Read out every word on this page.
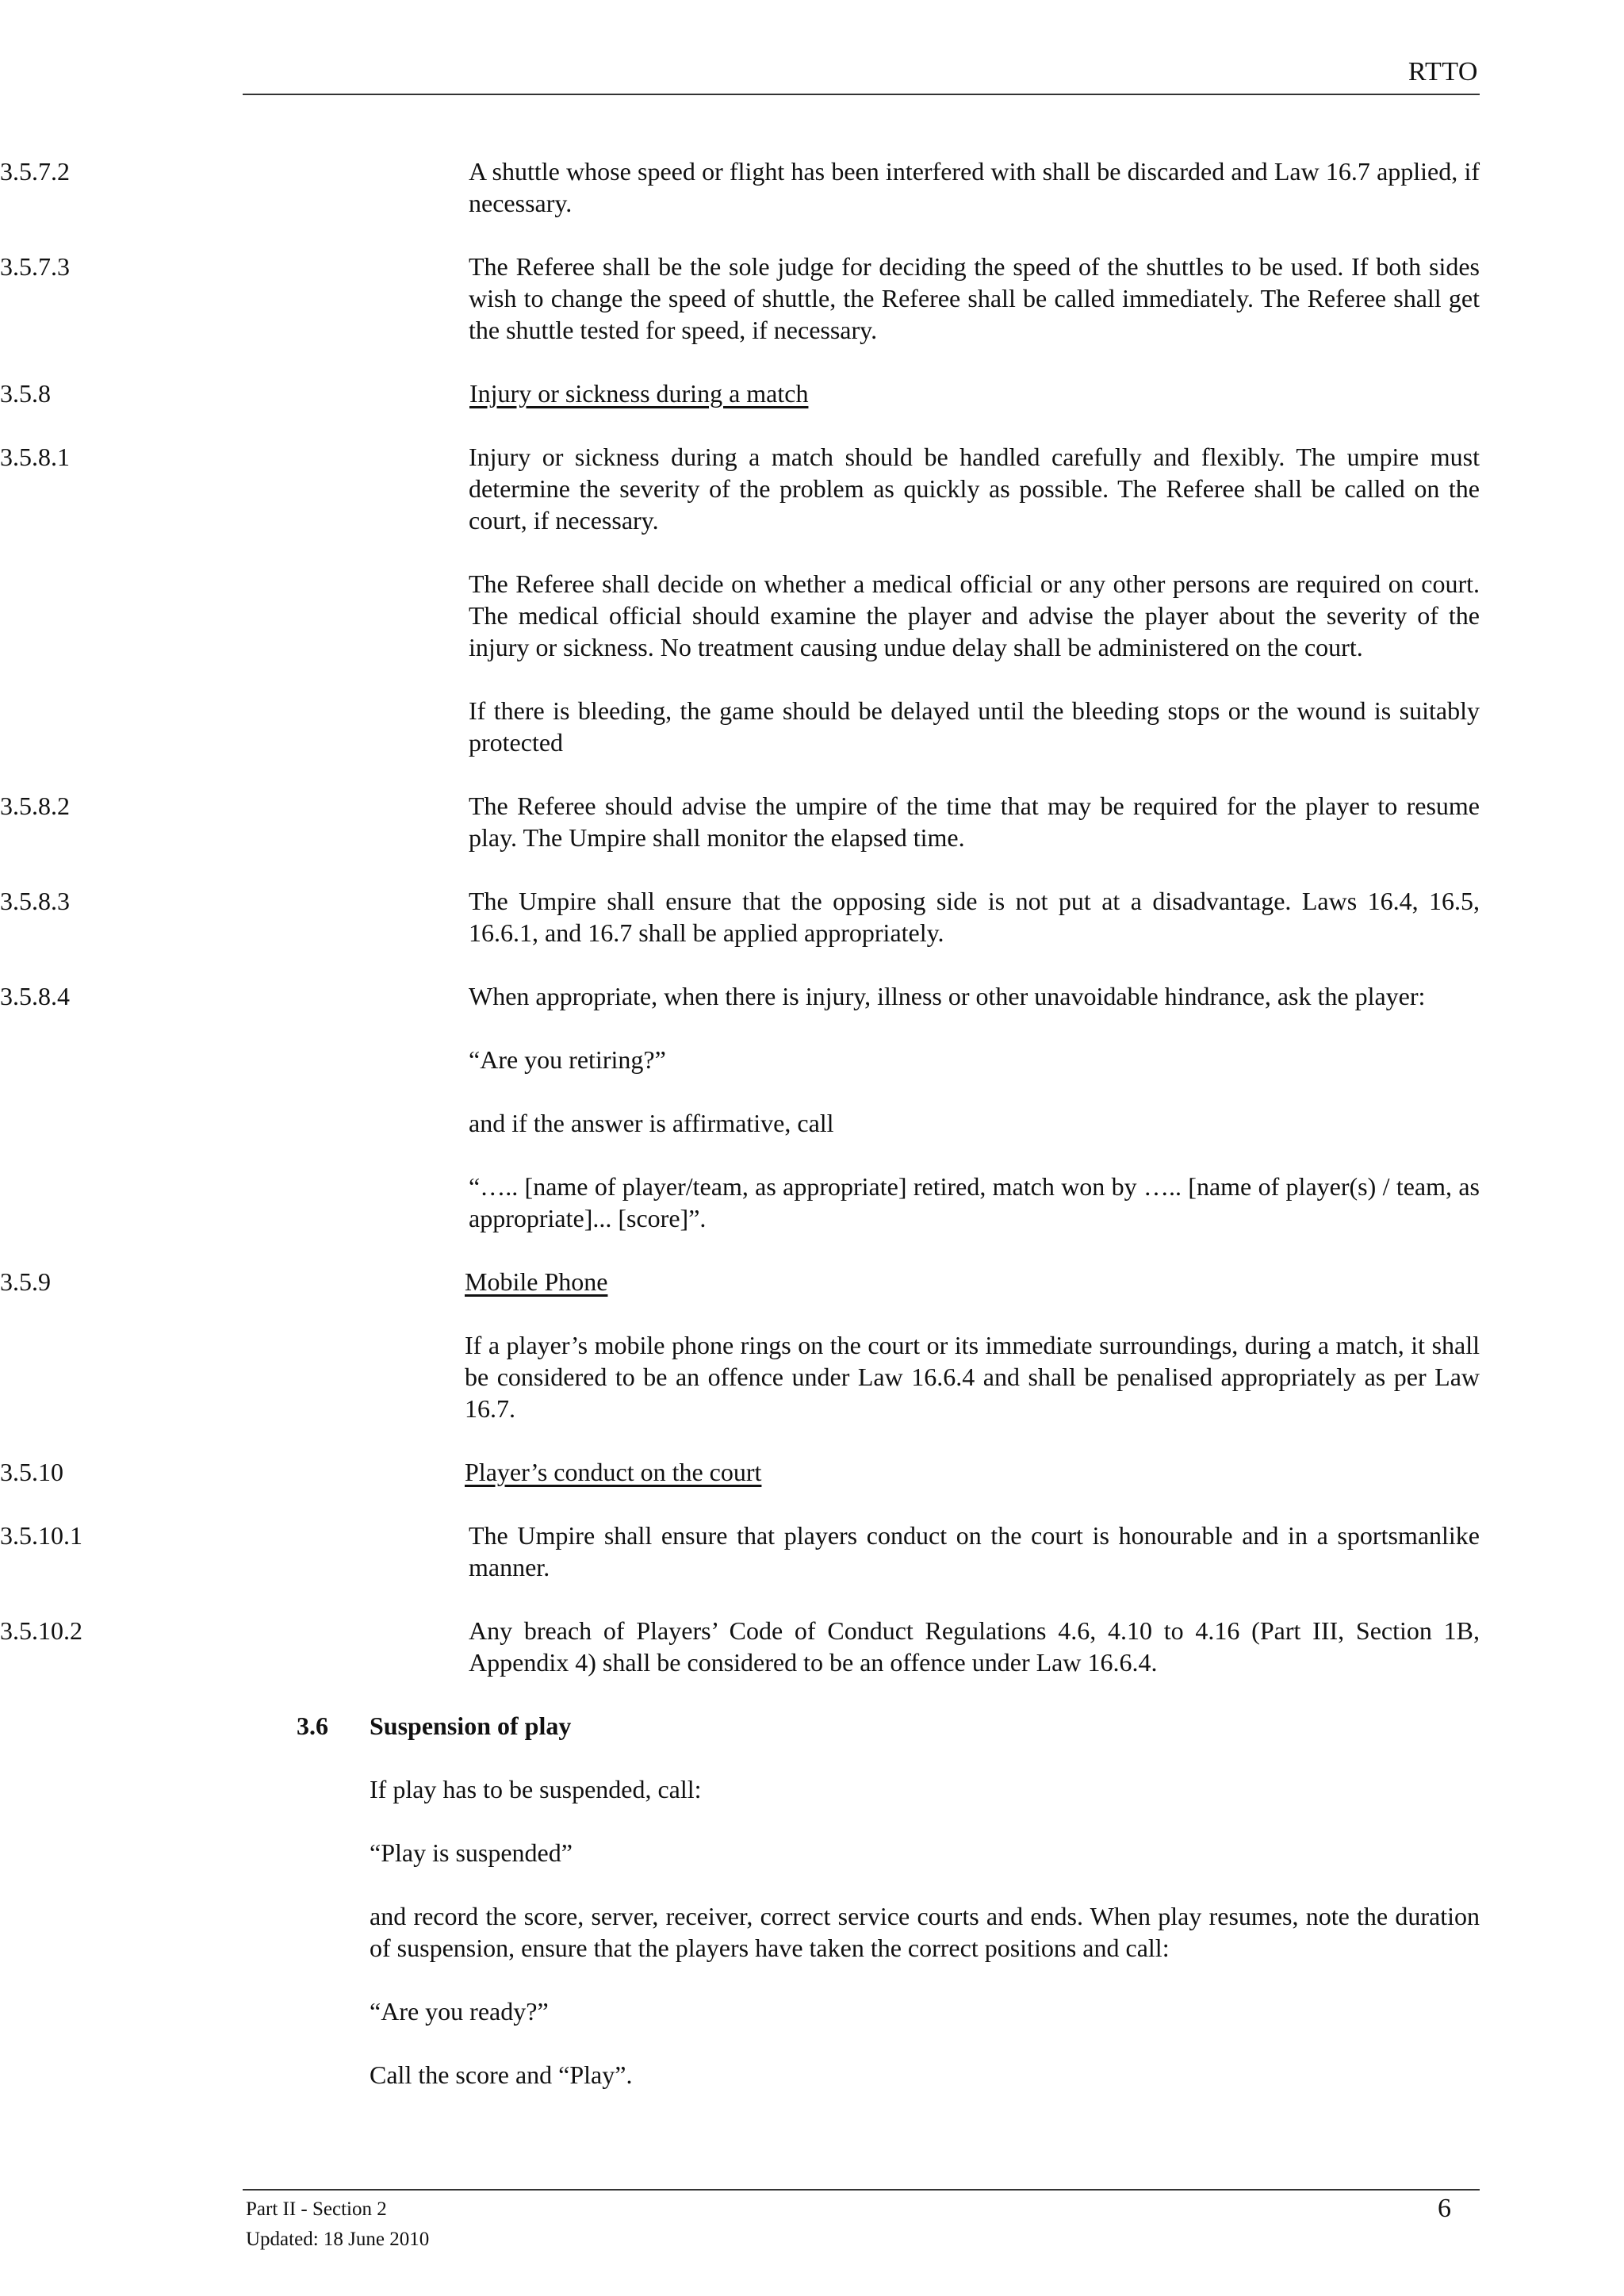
RTTO
3.5.7.2	A shuttle whose speed or flight has been interfered with shall be discarded and Law 16.7 applied, if necessary.

3.5.7.3	The Referee shall be the sole judge for deciding the speed of the shuttles to be used. If both sides wish to change the speed of shuttle, the Referee shall be called immediately. The Referee shall get the shuttle tested for speed, if necessary.

3.5.8	Injury or sickness during a match

3.5.8.1	Injury or sickness during a match should be handled carefully and flexibly. The umpire must determine the severity of the problem as quickly as possible. The Referee shall be called on the court, if necessary.

The Referee shall decide on whether a medical official or any other persons are required on court. The medical official should examine the player and advise the player about the severity of the injury or sickness. No treatment causing undue delay shall be administered on the court.

If there is bleeding, the game should be delayed until the bleeding stops or the wound is suitably protected

3.5.8.2	The Referee should advise the umpire of the time that may be required for the player to resume play. The Umpire shall monitor the elapsed time.

3.5.8.3	The Umpire shall ensure that the opposing side is not put at a disadvantage. Laws 16.4, 16.5, 16.6.1, and 16.7 shall be applied appropriately.

3.5.8.4	When appropriate, when there is injury, illness or other unavoidable hindrance, ask the player:

“Are you retiring?”

and if the answer is affirmative, call

“….. [name of player/team, as appropriate] retired, match won by ….. [name of player(s) / team, as appropriate]... [score]”.

3.5.9	Mobile Phone

If a player’s mobile phone rings on the court or its immediate surroundings, during a match, it shall be considered to be an offence under Law 16.6.4 and shall be penalised appropriately as per Law 16.7.

3.5.10	Player’s conduct on the court

3.5.10.1	The Umpire shall ensure that players conduct on the court is honourable and in a sportsmanlike manner.

3.5.10.2	Any breach of Players’ Code of Conduct Regulations 4.6, 4.10 to 4.16 (Part III, Section 1B, Appendix 4) shall be considered to be an offence under Law 16.6.4.

3.6 Suspension of play

If play has to be suspended, call:

“Play is suspended”

and record the score, server, receiver, correct service courts and ends. When play resumes, note the duration of suspension, ensure that the players have taken the correct positions and call:

“Are you ready?”

Call the score and “Play”.

Part II - Section 2
Updated: 18 June 2010
6
